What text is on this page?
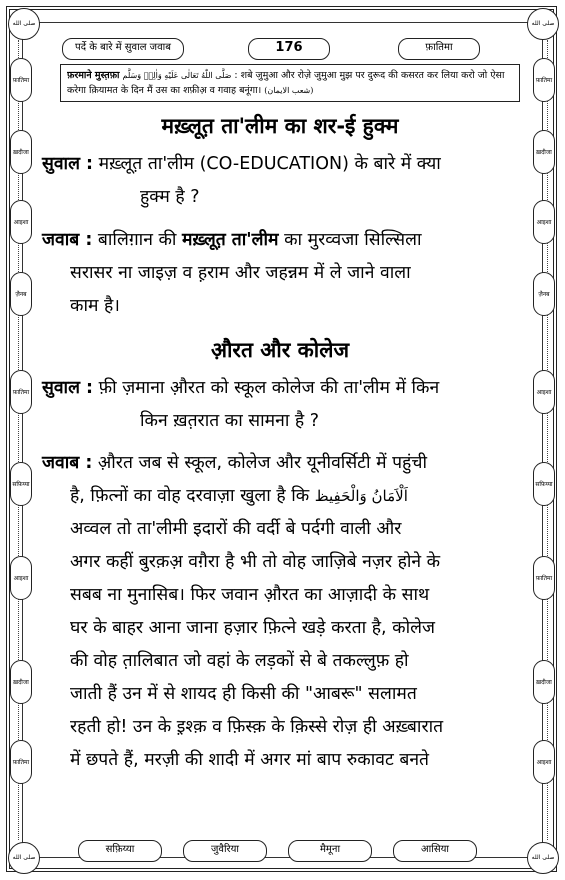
صلى الله	صلى الله
صلى الله	صلى الله
फ़ातिमा
ख़दीजा
आइशा
ज़ैनब
फ़ातिमा
सफ़िय्या
आइशा
ख़दीजा
फ़ातिमा
फ़ातिमा
ख़दीजा
आइशा
ज़ैनब
आइशा
सफ़िय्या
फ़ातिमा
ख़दीजा
आइशा
पर्दे के बारे में सुवाल जवाब	176	फ़ातिमा
फ़रमाने मुस्त़फ़ा صَلَّى اللّٰهُ تَعَالٰى عَلَيْهِ وَاٰلِهٖ وَسَلَّم : शबे जुमुआ और रोज़े जुमुआ मुझ पर दुरूद की कसरत कर लिया करो जो ऐसा
करेगा क़ियामत के दिन मैं उस का शफ़ीअ़ व गवाह बनूंगा। (شعب الايمان)
मख़्लूत़ ता'लीम का शर-ई हुक्म
सुवाल : मख़्लूत़ ता'लीम (CO-EDUCATION) के बारे में क्या
हुक्म है ?
जवाब : बालिग़ान की मख़्लूत़ ता'लीम का मुरव्वजा सिल्सिला
सरासर ना जाइज़ व ह़राम और जहन्नम में ले जाने वाला
काम है।
औ़रत और कोलेज
सुवाल : फ़ी ज़माना औ़रत को स्कूल कोलेज की ता'लीम में किन
किन ख़त़रात का सामना है ?
जवाब : औ़रत जब से स्कूल, कोलेज और यूनीवर्सिटी में पहुंची
है, फ़ित्नों का वोह दरवाज़ा खुला है कि اَلْاَمَانُ وَالْحَفِيظ
अव्वल तो ता'लीमी इदारों की वर्दी बे पर्दगी वाली और
अगर कहीं बुरक़अ़ वग़ैरा है भी तो वोह जाज़िबे नज़र होने के
सबब ना मुनासिब। फिर जवान औ़रत का आज़ादी के साथ
घर के बाहर आना जाना हज़ार फ़ित्ने खड़े करता है, कोलेज
की वोह त़ालिबात जो वहां के लड़कों से बे तकल्लुफ़ हो
जाती हैं उन में से शायद ही किसी की "आबरू" सलामत
रहती हो! उन के इ़श्क़ व फ़िस्क़ के क़िस्से रोज़ ही अख़्बारात
में छपते हैं, मरज़ी की शादी में अगर मां बाप रुकावट बनते
सफ़िय्या	जुवैरिया	मैमूना	आसिया
